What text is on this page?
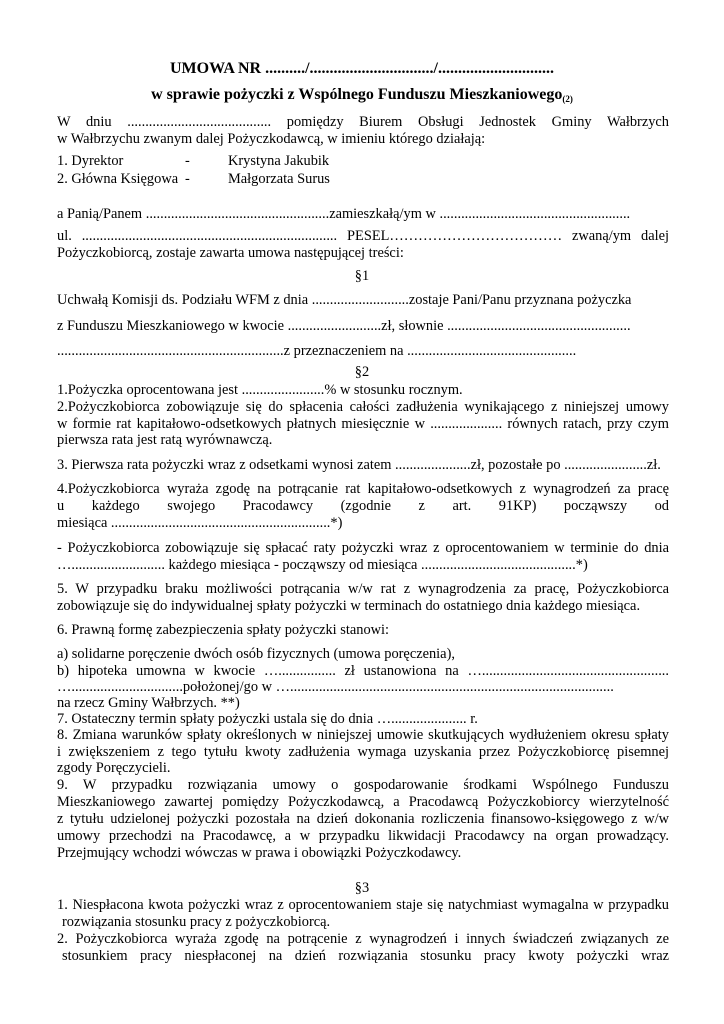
UMOWA NR ........../.............................../.............................
w sprawie pożyczki z Wspólnego Funduszu Mieszkaniowego$_{(2)}$
W dniu ........................................ pomiędzy Biurem Obsługi Jednostek Gminy Wałbrzych
w Wałbrzychu zwanym dalej Pożyczkodawcą, w imieniu którego działają:
1. Dyrektor	-	Krystyna Jakubik
2. Główna Księgowa -	Małgorzata Surus
a Panią/Panem ...................................................zamieszkałą/ym w .....................................................
ul. ....................................................................... PESEL……………………………… zwaną/ym dalej
Pożyczkobiorcą, zostaje zawarta umowa następującej treści:
§1
Uchwałą Komisji ds. Podziału WFM z dnia ...........................zostaje Pani/Panu przyznana pożyczka
z Funduszu Mieszkaniowego w kwocie ..........................zł, słownie ...................................................
...............................................................z przeznaczeniem na ...............................................
§2
1.Pożyczka oprocentowana jest .......................% w stosunku rocznym.
2.Pożyczkobiorca zobowiązuje się do spłacenia całości zadłużenia wynikającego z niniejszej umowy
w formie rat kapitałowo-odsetkowych płatnych miesięcznie w .................... równych ratach, przy czym
pierwsza rata jest ratą wyrównawczą.
3. Pierwsza rata pożyczki wraz z odsetkami wynosi zatem .....................zł, pozostałe po .......................zł.
4.Pożyczkobiorca wyraża zgodę na potrącanie rat kapitałowo-odsetkowych z wynagrodzeń za pracę
u każdego swojego Pracodawcy (zgodnie z art. 91KP) począwszy od
miesiąca .............................................................*)
- Pożyczkobiorca zobowiązuje się spłacać raty pożyczki wraz z oprocentowaniem w terminie do dnia
….......................... każdego miesiąca - począwszy od miesiąca ...........................................*)
5. W przypadku braku możliwości potrącania w/w rat z wynagrodzenia za pracę, Pożyczkobiorca
zobowiązuje się do indywidualnej spłaty pożyczki w terminach do ostatniego dnia każdego miesiąca.
6. Prawną formę zabezpieczenia spłaty pożyczki stanowi:
a) solidarne poręczenie dwóch osób fizycznych (umowa poręczenia),
b) hipoteka umowna w kwocie …................ zł ustanowiona na …....................................................
…...............................położonej/go w …..........................................................................................
na rzecz Gminy Wałbrzych. **)
7. Ostateczny termin spłaty pożyczki ustala się do dnia …..................... r.
8. Zmiana warunków spłaty określonych w niniejszej umowie skutkujących wydłużeniem okresu spłaty
i zwiększeniem z tego tytułu kwoty zadłużenia wymaga uzyskania przez Pożyczkobiorcę pisemnej
zgody Poręczycieli.
9. W przypadku rozwiązania umowy o gospodarowanie środkami Wspólnego Funduszu
Mieszkaniowego zawartej pomiędzy Pożyczkodawcą, a Pracodawcą Pożyczkobiorcy wierzytelność
z tytułu udzielonej pożyczki pozostała na dzień dokonania rozliczenia finansowo-księgowego z w/w
umowy przechodzi na Pracodawcę, a w przypadku likwidacji Pracodawcy na organ prowadzący.
Przejmujący wchodzi wówczas w prawa i obowiązki Pożyczkodawcy.
§3
1. Niespłacona kwota pożyczki wraz z oprocentowaniem staje się natychmiast wymagalna w przypadku
rozwiązania stosunku pracy z pożyczkobiorcą.
2. Pożyczkobiorca wyraża zgodę na potrącenie z wynagrodzeń i innych świadczeń związanych ze
stosunkiem pracy niespłaconej na dzień rozwiązania stosunku pracy kwoty pożyczki wraz
